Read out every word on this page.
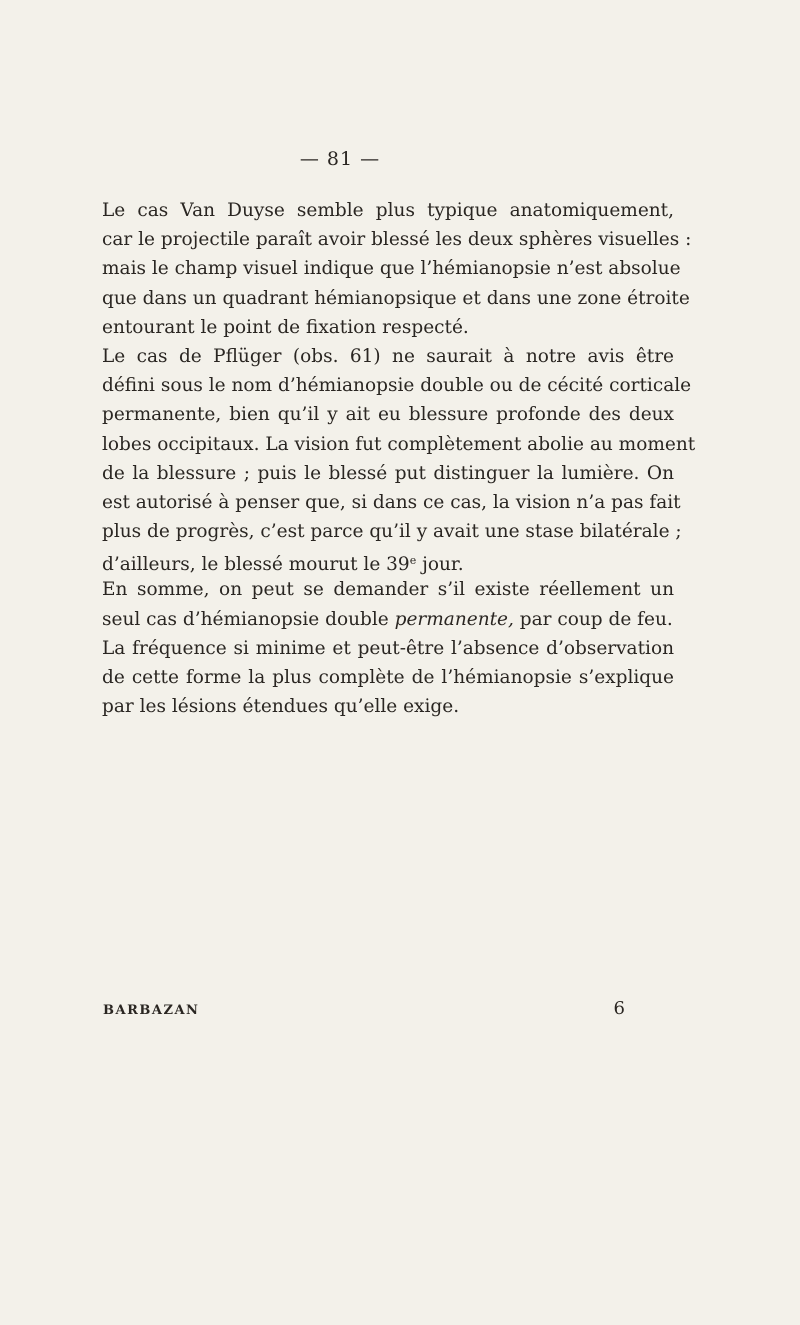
— 81 —
Le cas Van Duyse semble plus typique anatomiquement,
car le projectile paraît avoir blessé les deux sphères visuelles :
mais le champ visuel indique que l’hémianopsie n’est absolue
que dans un quadrant hémianopsique et dans une zone étroite
entourant le point de fixation respecté.
Le cas de Pflüger (obs. 61) ne saurait à notre avis être
défini sous le nom d’hémianopsie double ou de cécité corticale
permanente, bien qu’il y ait eu blessure profonde des deux
lobes occipitaux. La vision fut complètement abolie au moment
de la blessure ; puis le blessé put distinguer la lumière. On
est autorisé à penser que, si dans ce cas, la vision n’a pas fait
plus de progrès, c’est parce qu’il y avait une stase bilatérale ;
d’ailleurs, le blessé mourut le 39e jour.
En somme, on peut se demander s’il existe réellement un
seul cas d’hémianopsie double permanente, par coup de feu.
La fréquence si minime et peut-être l’absence d’observation
de cette forme la plus complète de l’hémianopsie s’explique
par les lésions étendues qu’elle exige.
BARBAZAN	6
